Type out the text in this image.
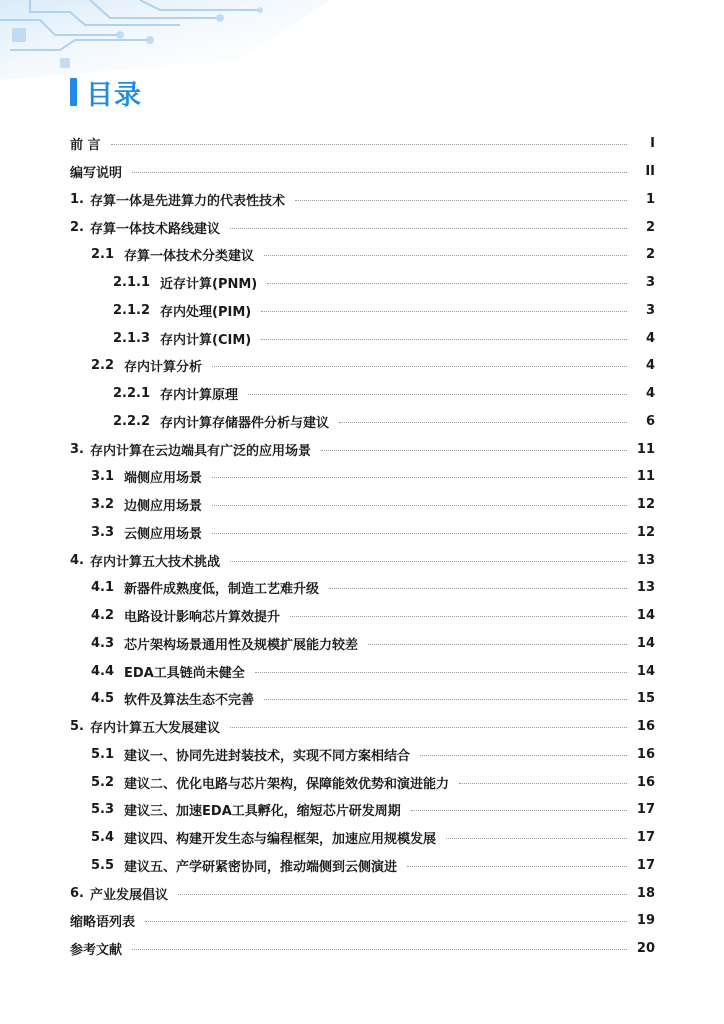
目录
前 言	I
编写说明	II
1. 存算一体是先进算力的代表性技术	1
2. 存算一体技术路线建议	2
2.1 存算一体技术分类建议	2
2.1.1 近存计算(PNM)	3
2.1.2 存内处理(PIM)	3
2.1.3 存内计算(CIM)	4
2.2 存内计算分析	4
2.2.1 存内计算原理	4
2.2.2 存内计算存储器件分析与建议	6
3. 存内计算在云边端具有广泛的应用场景	11
3.1 端侧应用场景	11
3.2 边侧应用场景	12
3.3 云侧应用场景	12
4. 存内计算五大技术挑战	13
4.1 新器件成熟度低，制造工艺难升级	13
4.2 电路设计影响芯片算效提升	14
4.3 芯片架构场景通用性及规模扩展能力较差	14
4.4 EDA工具链尚未健全	14
4.5 软件及算法生态不完善	15
5. 存内计算五大发展建议	16
5.1 建议一、协同先进封装技术，实现不同方案相结合	16
5.2 建议二、优化电路与芯片架构，保障能效优势和演进能力	16
5.3 建议三、加速EDA工具孵化，缩短芯片研发周期	17
5.4 建议四、构建开发生态与编程框架，加速应用规模发展	17
5.5 建议五、产学研紧密协同，推动端侧到云侧演进	17
6. 产业发展倡议	18
缩略语列表	19
参考文献	20
